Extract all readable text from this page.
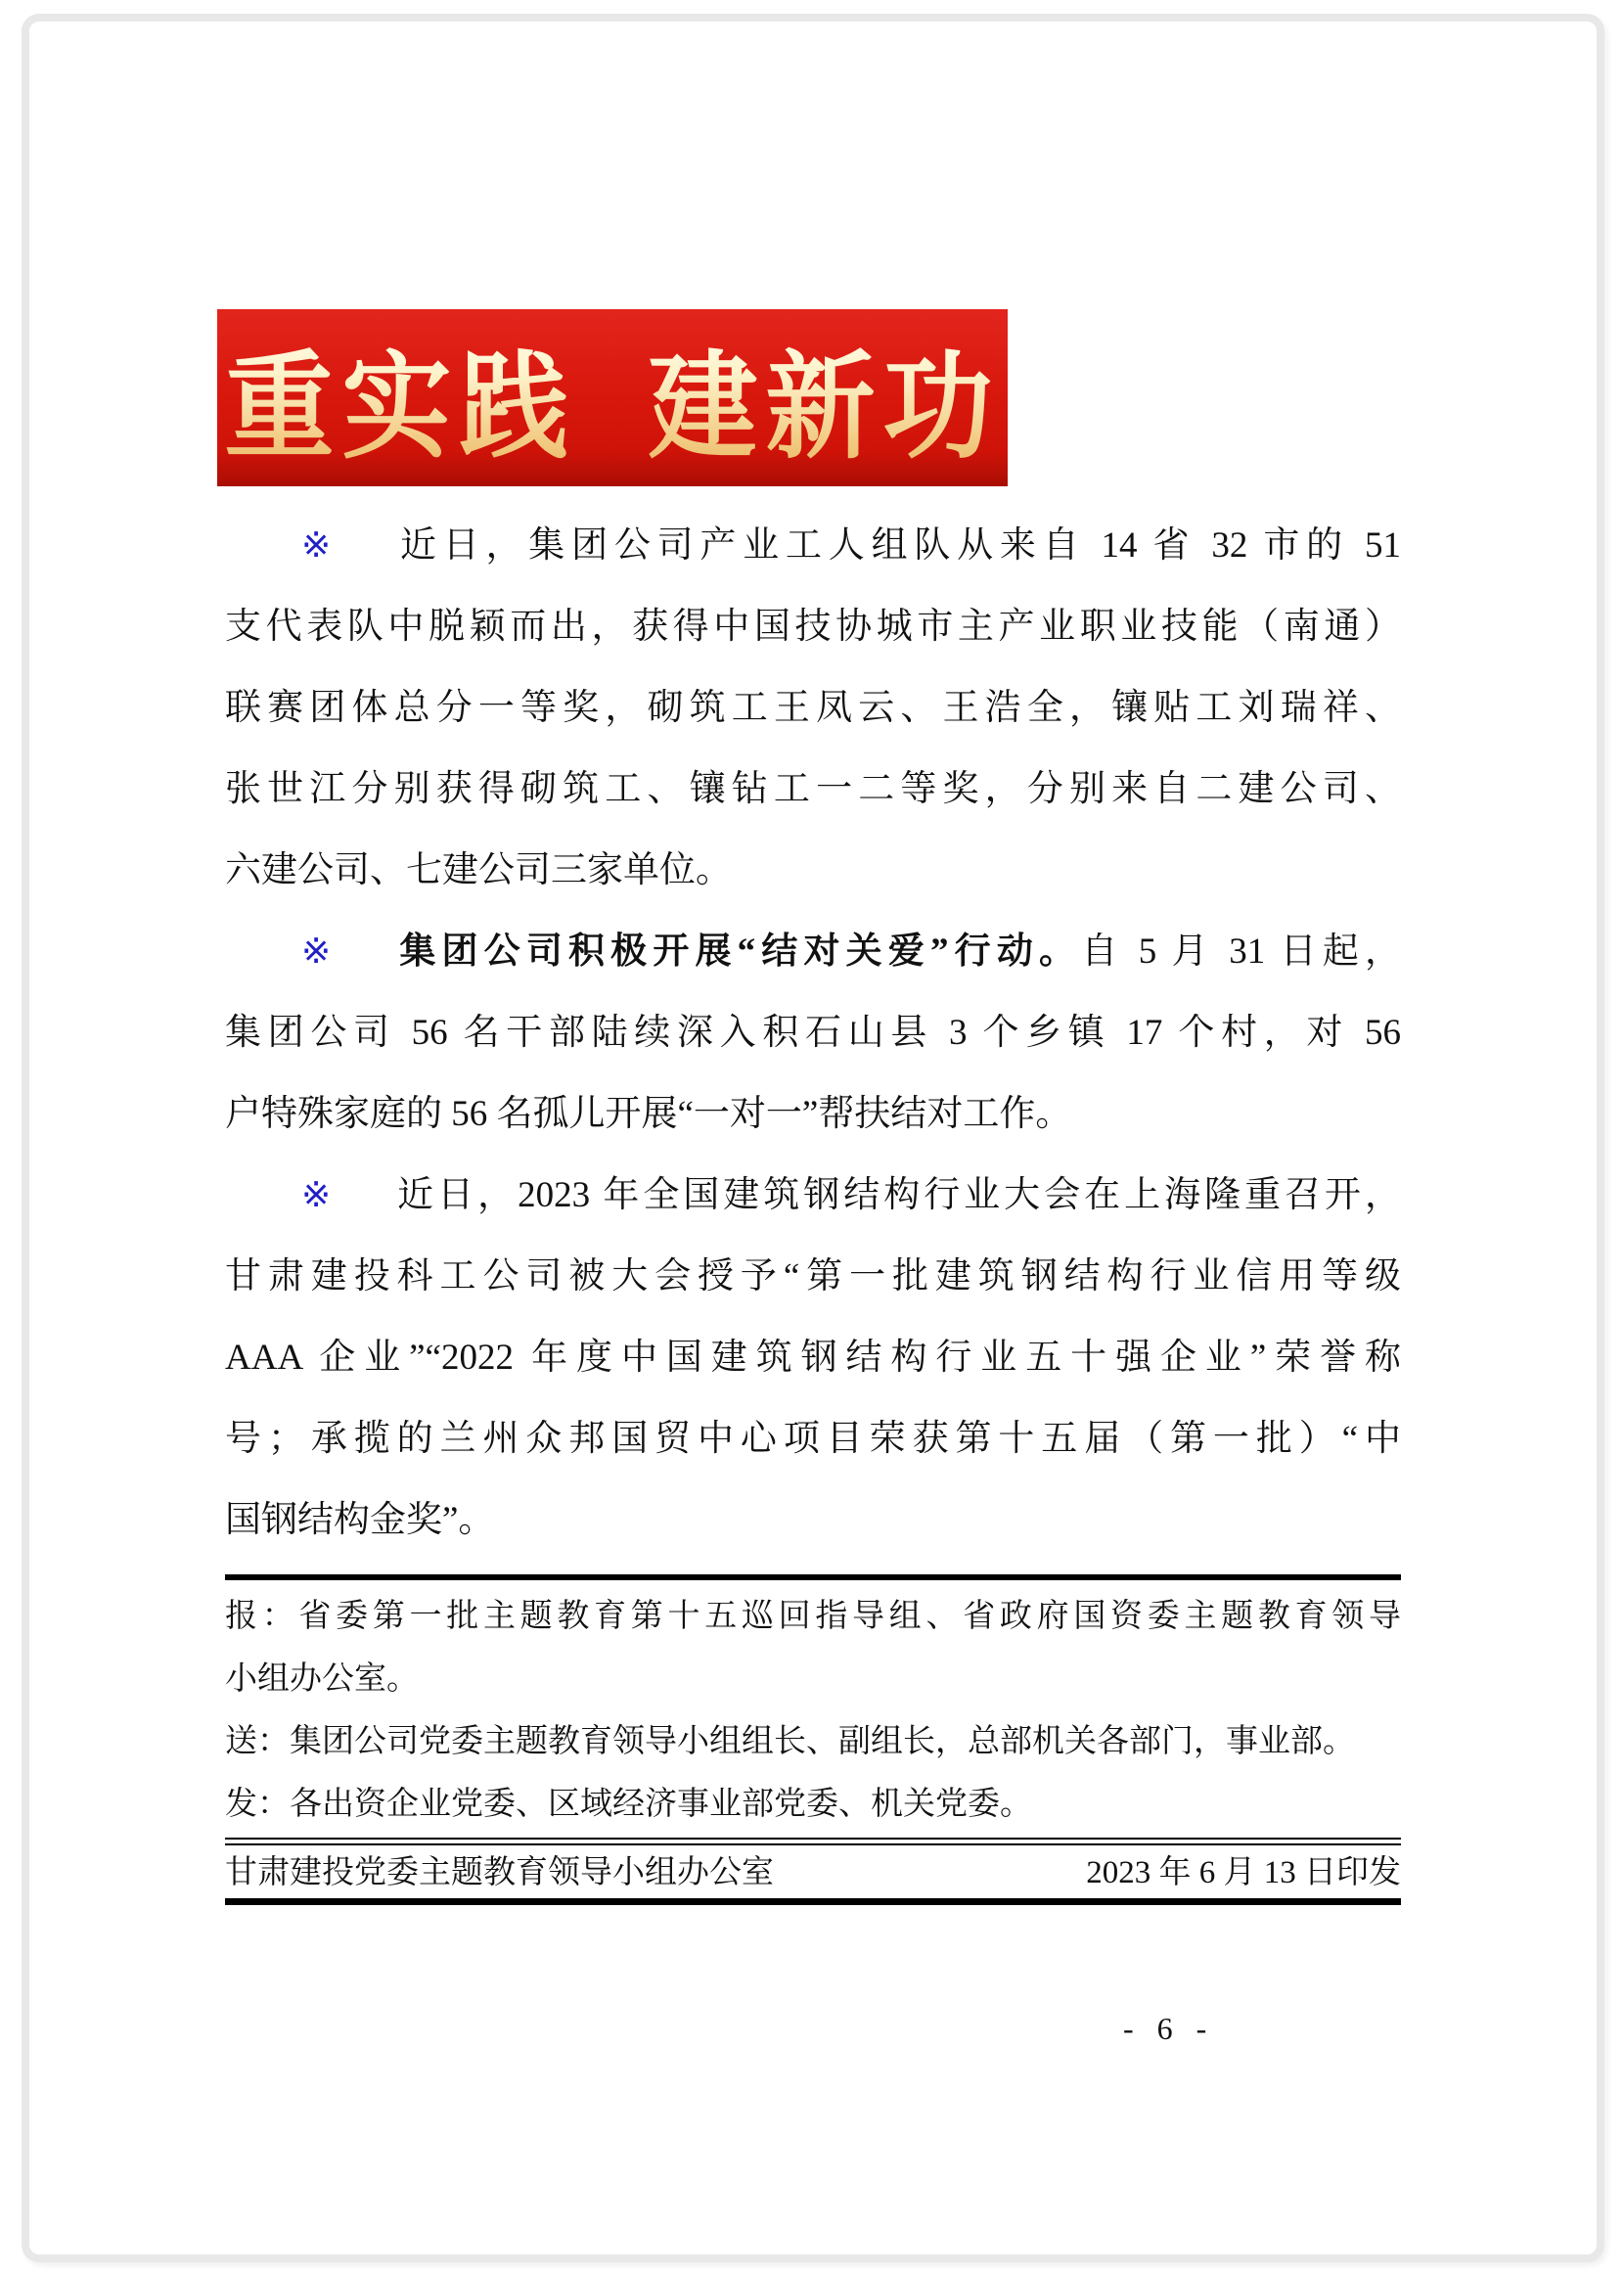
重实践 建新功
※ 近日，集团公司产业工人组队从来自 14 省 32 市的 51
支代表队中脱颖而出，获得中国技协城市主产业职业技能（南通）
联赛团体总分一等奖，砌筑工王凤云、王浩全，镶贴工刘瑞祥、
张世江分别获得砌筑工、镶钻工一二等奖，分别来自二建公司、
六建公司、七建公司三家单位。
※ 集团公司积极开展“结对关爱”行动。自 5 月 31 日起，
集团公司 56 名干部陆续深入积石山县 3 个乡镇 17 个村，对 56
户特殊家庭的 56 名孤儿开展“一对一”帮扶结对工作。
※ 近日，2023 年全国建筑钢结构行业大会在上海隆重召开，
甘肃建投科工公司被大会授予“第一批建筑钢结构行业信用等级
AAA 企业”“2022 年度中国建筑钢结构行业五十强企业”荣誉称
号；承揽的兰州众邦国贸中心项目荣获第十五届（第一批）“中
国钢结构金奖”。
报：省委第一批主题教育第十五巡回指导组、省政府国资委主题教育领导
小组办公室。
送：集团公司党委主题教育领导小组组长、副组长，总部机关各部门，事业部。
发：各出资企业党委、区域经济事业部党委、机关党委。
甘肃建投党委主题教育领导小组办公室	2023 年 6 月 13 日印发
- 6 -
